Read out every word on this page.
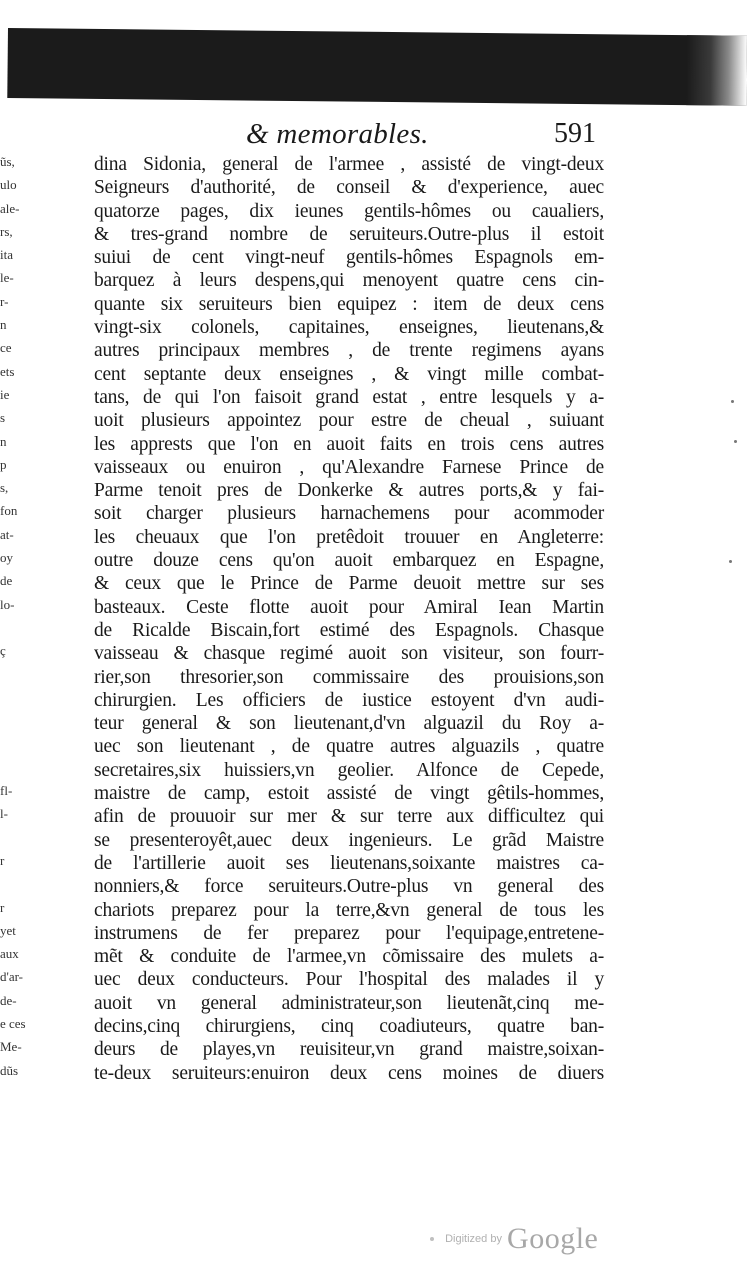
ũs,
ulo
ale-
rs,
ita
le-
r-
n
ce
ets
ie
s
n
p
s,
fon
at-
oy
de
lo-
ç
fl-
l-
r
r
yet
aux
d'ar-
de-
e ces
Me-
dũs
& memorables.	591
dina Sidonia, general de l'armee , assisté de vingt-deux
Seigneurs d'authorité, de conseil & d'experience, auec
quatorze pages, dix ieunes gentils-hômes ou caualiers,
& tres-grand nombre de seruiteurs.Outre-plus il estoit
suiui de cent vingt-neuf gentils-hômes Espagnols em-
barquez à leurs despens,qui menoyent quatre cens cin-
quante six seruiteurs bien equipez : item de deux cens
vingt-six colonels, capitaines, enseignes, lieutenans,&
autres principaux membres , de trente regimens ayans
cent septante deux enseignes , & vingt mille combat-
tans, de qui l'on faisoit grand estat , entre lesquels y a-
uoit plusieurs appointez pour estre de cheual , suiuant
les apprests que l'on en auoit faits en trois cens autres
vaisseaux ou enuiron , qu'Alexandre Farnese Prince de
Parme tenoit pres de Donkerke & autres ports,& y fai-
soit charger plusieurs harnachemens pour acommoder
les cheuaux que l'on pretêdoit trouuer en Angleterre:
outre douze cens qu'on auoit embarquez en Espagne,
& ceux que le Prince de Parme deuoit mettre sur ses
basteaux. Ceste flotte auoit pour Amiral Iean Martin
de Ricalde Biscain,fort estimé des Espagnols. Chasque
vaisseau & chasque regimé auoit son visiteur, son fourr-
rier,son thresorier,son commissaire des prouisions,son
chirurgien. Les officiers de iustice estoyent d'vn audi-
teur general & son lieutenant,d'vn alguazil du Roy a-
uec son lieutenant , de quatre autres alguazils , quatre
secretaires,six huissiers,vn geolier. Alfonce de Cepede,
maistre de camp, estoit assisté de vingt gêtils-hommes,
afin de prouuoir sur mer & sur terre aux difficultez qui
se presenteroyêt,auec deux ingenieurs. Le grãd Maistre
de l'artillerie auoit ses lieutenans,soixante maistres ca-
nonniers,& force seruiteurs.Outre-plus vn general des
chariots preparez pour la terre,&vn general de tous les
instrumens de fer preparez pour l'equipage,entretene-
mẽt & conduite de l'armee,vn cõmissaire des mulets a-
uec deux conducteurs. Pour l'hospital des malades il y
auoit vn general administrateur,son lieutenãt,cinq me-
decins,cinq chirurgiens, cinq coadiuteurs, quatre ban-
deurs de playes,vn reuisiteur,vn grand maistre,soixan-
te-deux seruiteurs:enuiron deux cens moines de diuers
Digitized by Google
